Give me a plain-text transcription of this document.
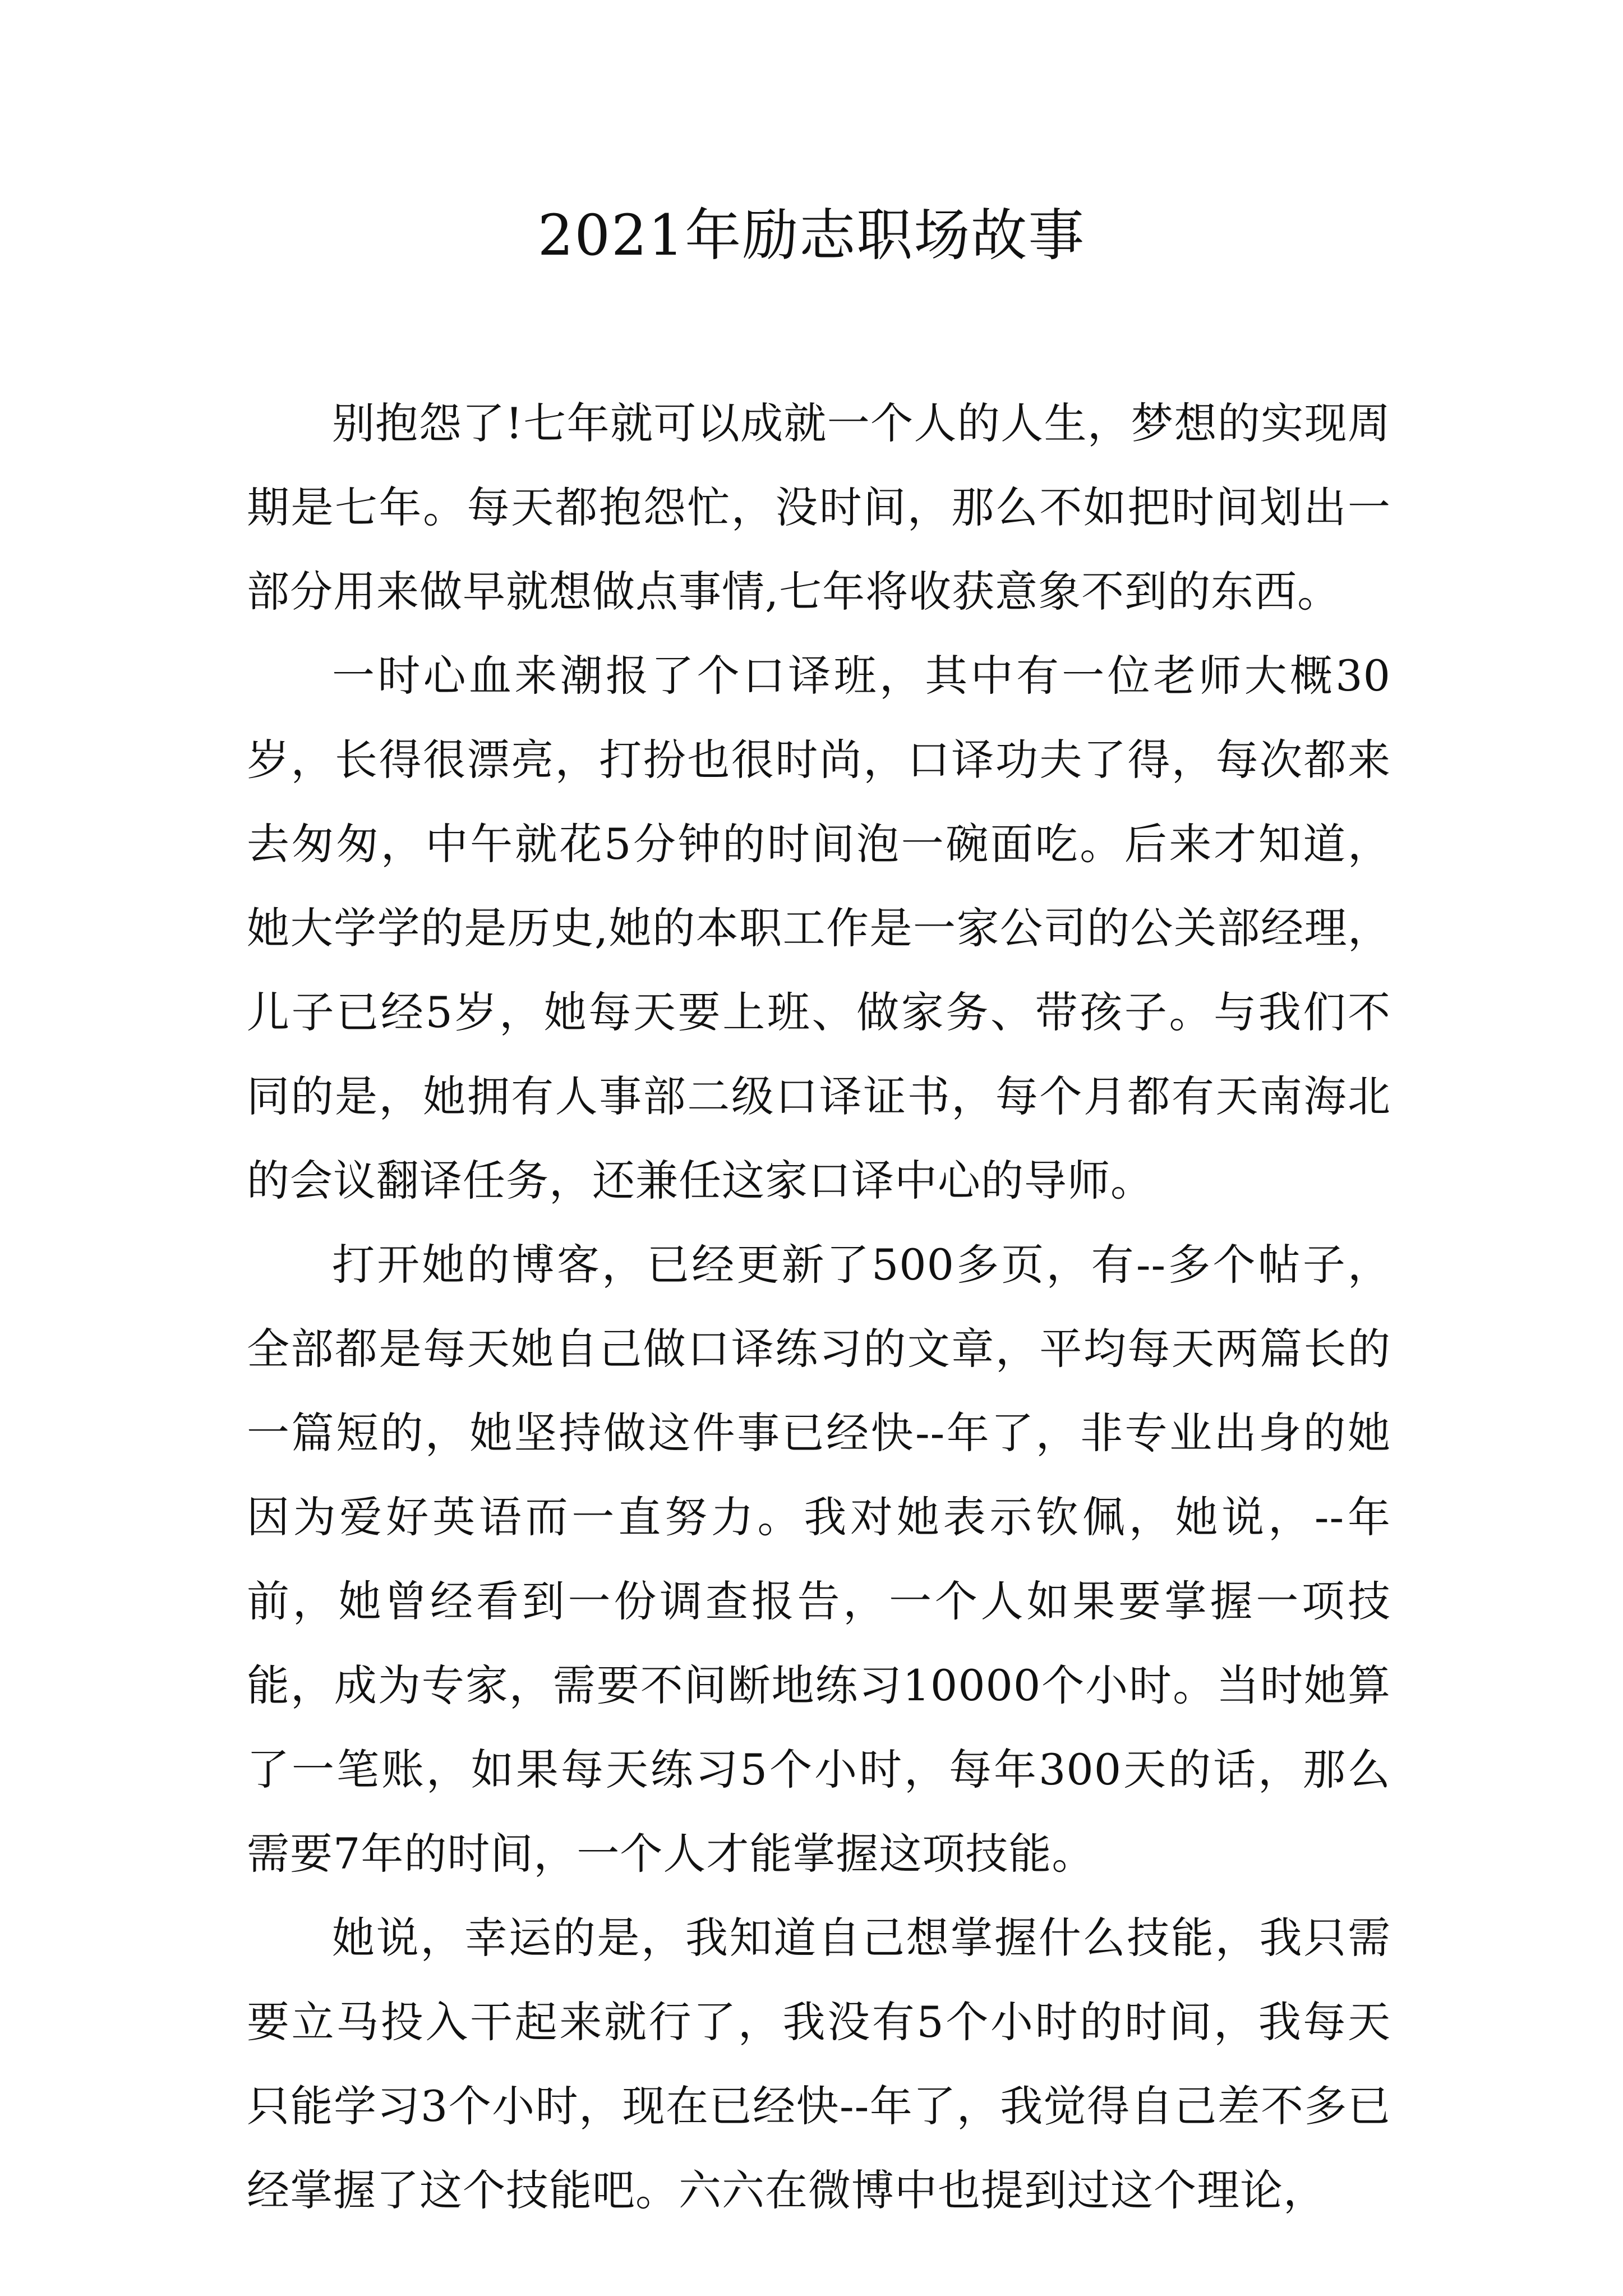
2021年励志职场故事

别抱怨了!七年就可以成就一个人的人生，梦想的实现周期是七年。每天都抱怨忙，没时间，那么不如把时间划出一部分用来做早就想做点事情,七年将收获意象不到的东西。

一时心血来潮报了个口译班，其中有一位老师大概30岁，长得很漂亮，打扮也很时尚，口译功夫了得，每次都来去匆匆，中午就花5分钟的时间泡一碗面吃。后来才知道，她大学学的是历史,她的本职工作是一家公司的公关部经理，儿子已经5岁，她每天要上班、做家务、带孩子。与我们不同的是，她拥有人事部二级口译证书，每个月都有天南海北的会议翻译任务，还兼任这家口译中心的导师。

打开她的博客，已经更新了500多页，有--多个帖子，全部都是每天她自己做口译练习的文章，平均每天两篇长的一篇短的，她坚持做这件事已经快--年了，非专业出身的她因为爱好英语而一直努力。我对她表示钦佩，她说，--年前，她曾经看到一份调查报告，一个人如果要掌握一项技能，成为专家，需要不间断地练习10000个小时。当时她算了一笔账，如果每天练习5个小时，每年300天的话，那么需要7年的时间，一个人才能掌握这项技能。

她说，幸运的是，我知道自己想掌握什么技能，我只需要立马投入干起来就行了，我没有5个小时的时间，我每天只能学习3个小时，现在已经快--年了，我觉得自己差不多已经掌握了这个技能吧。六六在微博中也提到过这个理论，
